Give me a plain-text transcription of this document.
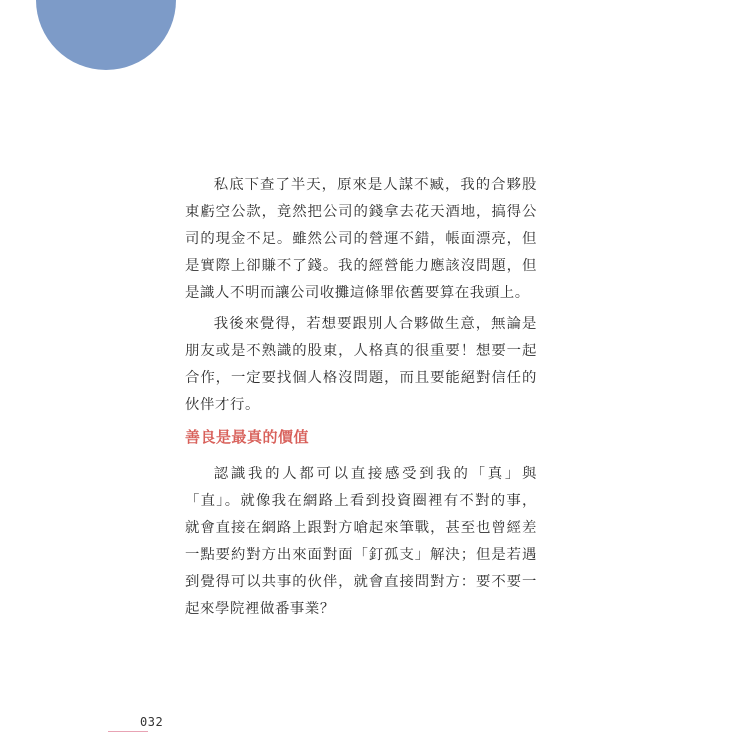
私底下查了半天，原來是人謀不臧，我的合夥股東虧空公款，竟然把公司的錢拿去花天酒地，搞得公司的現金不足。雖然公司的營運不錯，帳面漂亮，但是實際上卻賺不了錢。我的經營能力應該沒問題，但是識人不明而讓公司收攤這條罪依舊要算在我頭上。

我後來覺得，若想要跟別人合夥做生意，無論是朋友或是不熟識的股東，人格真的很重要！想要一起合作，一定要找個人格沒問題，而且要能絕對信任的伙伴才行。

善良是最真的價值

認識我的人都可以直接感受到我的「真」與「直」。就像我在網路上看到投資圈裡有不對的事，就會直接在網路上跟對方嗆起來筆戰，甚至也曾經差一點要約對方出來面對面「釘孤支」解決；但是若遇到覺得可以共事的伙伴，就會直接問對方：要不要一起來學院裡做番事業？

032
